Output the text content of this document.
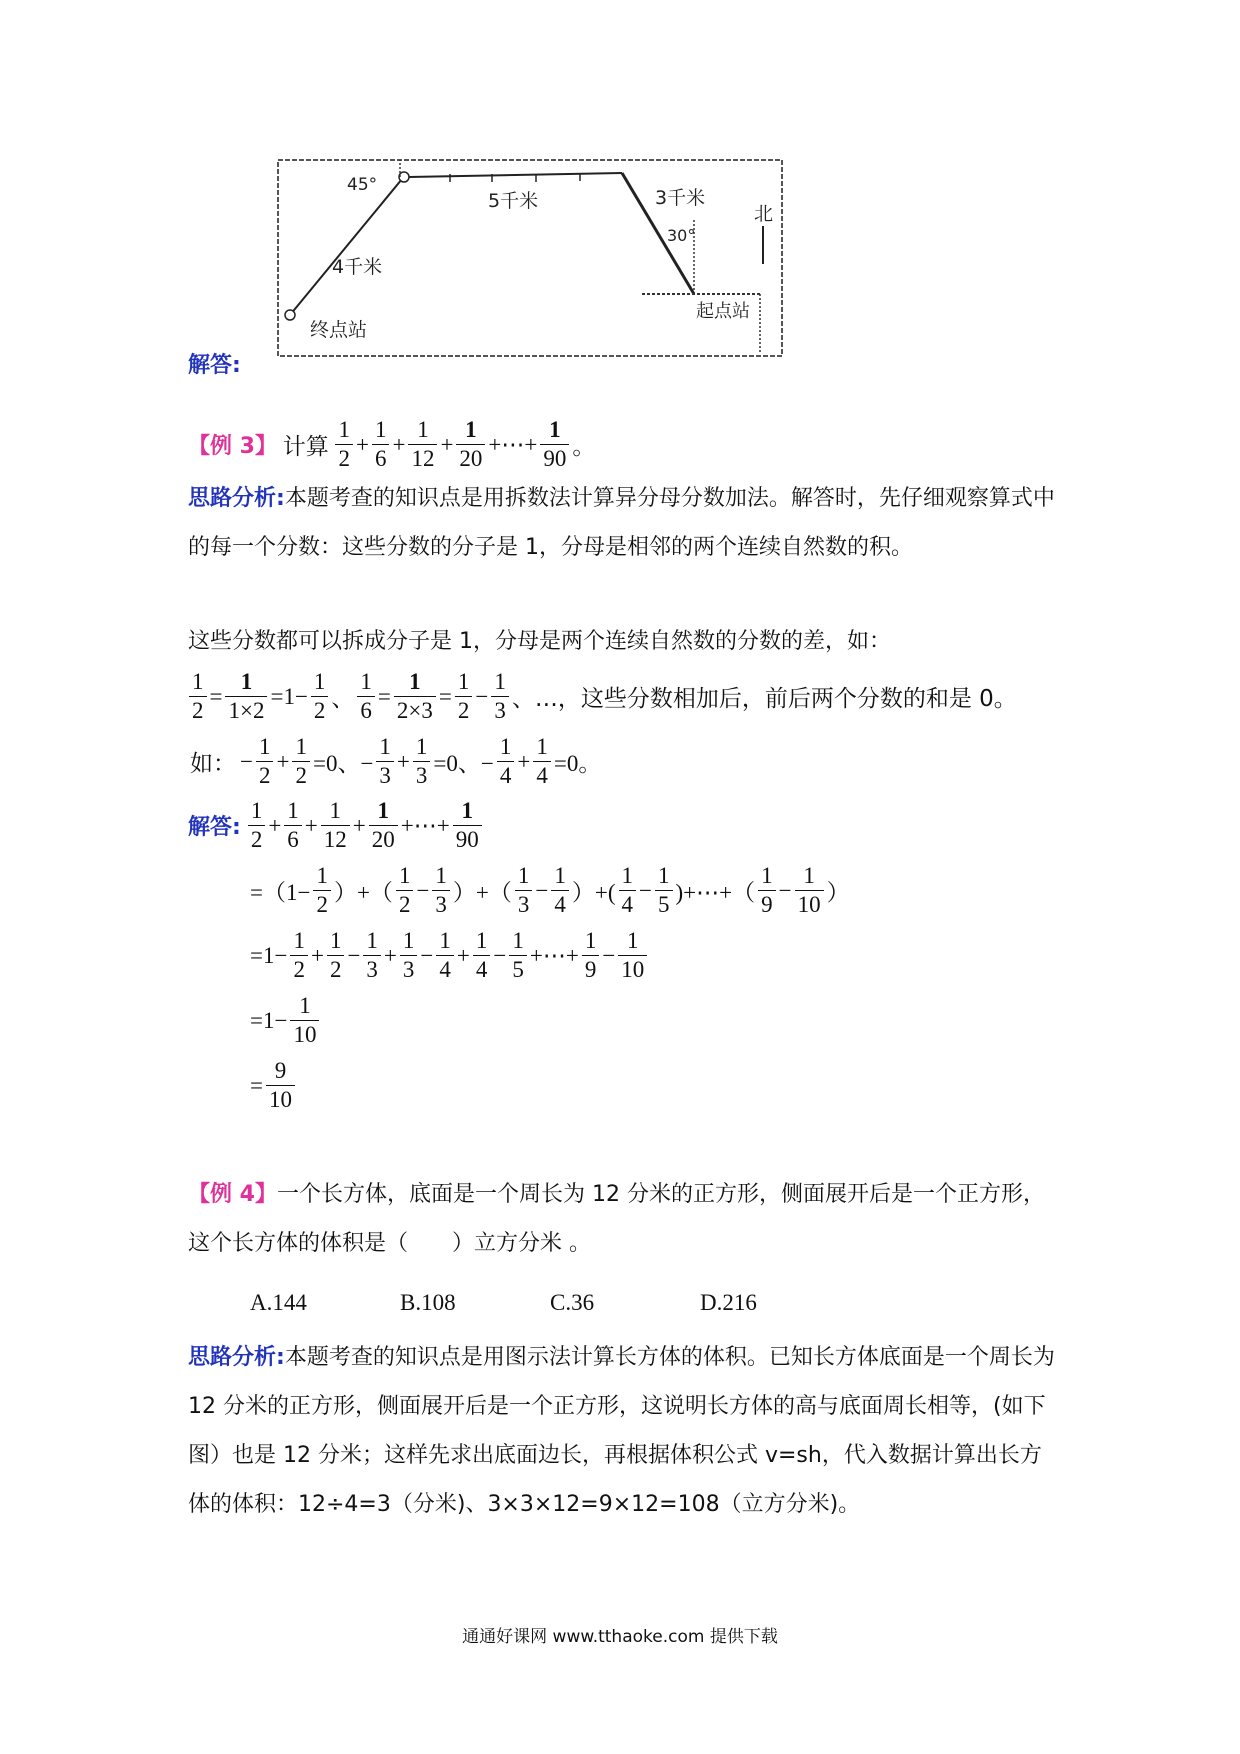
北
45°
5千米	3千米
30°
4千米
起点站
终点站
解答:
【例 3】 计算 $\frac{1}{2} + \frac{1}{6} + \frac{1}{12} + \frac{1}{20}$ +⋯+ $\frac{1}{90}$ 。
思路分析:本题考查的知识点是用拆数法计算异分母分数加法。解答时，先仔细观察算式中的每一个分数：这些分数的分子是 1，分母是相邻的两个连续自然数的积。
这些分数都可以拆成分子是 1，分母是两个连续自然数的分数的差，如：
$\frac{1}{2} = \frac{1}{1\times 2} =1- \frac{1}{2}$ 、 $\frac{1}{6} = \frac{1}{2\times 3} = \frac{1}{2} - \frac{1}{3}$ 、…，这些分数相加后，前后两个分数的和是 0。
如： − $\frac{1}{2} + \frac{1}{2} =0$、− $\frac{1}{3} + \frac{1}{3} =0$、− $\frac{1}{4} + \frac{1}{4} =0$。
解答: $\frac{1}{2} + \frac{1}{6} + \frac{1}{12} + \frac{1}{20}$ +⋯+ $\frac{1}{90}$
$=(1- \frac{1}{2}$ ）+（ $\frac{1}{2} - \frac{1}{3}$ ）+（ $\frac{1}{3} - \frac{1}{4}$ ）+( $\frac{1}{4} - \frac{1}{5}$ )+⋯+（ $\frac{1}{9} - \frac{1}{10}$ ）
$=1- \frac{1}{2} + \frac{1}{2} - \frac{1}{3} + \frac{1}{3} - \frac{1}{4} + \frac{1}{4} - \frac{1}{5}$ +⋯+ $\frac{1}{9} - \frac{1}{10}$
$=1- \frac{1}{10}$
= $\frac{9}{10}$
【例 4】一个长方体，底面是一个周长为 12 分米的正方形，侧面展开后是一个正方形，这个长方体的体积是（　　）立方分米 。
A.144	B.108	C.36	D.216
思路分析:本题考查的知识点是用图示法计算长方体的体积。已知长方体底面是一个周长为 12 分米的正方形，侧面展开后是一个正方形，这说明长方体的高与底面周长相等，(如下图）也是 12 分米；这样先求出底面边长，再根据体积公式 v=sh，代入数据计算出长方体的体积：12÷4=3（分米)、3×3×12=9×12=108（立方分米)。
通通好课网 www.tthaoke.com 提供下载
